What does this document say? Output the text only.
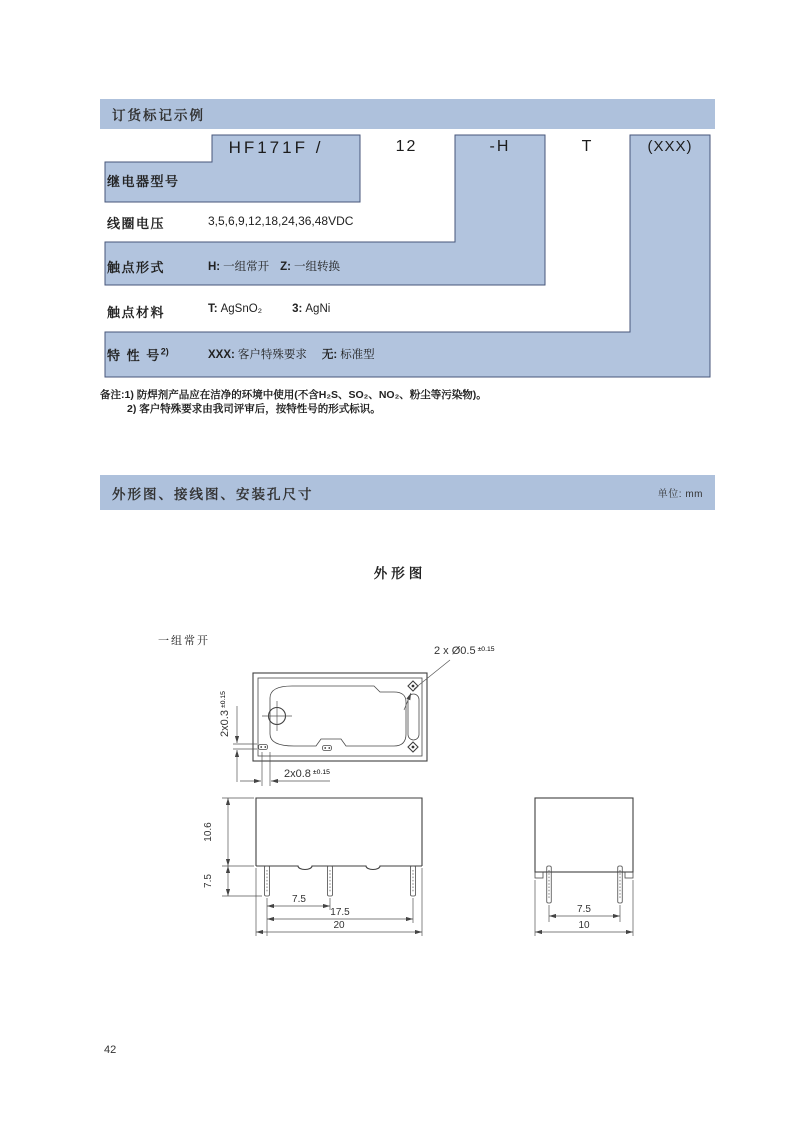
订货标记示例
HF171F /	12	-H	T	(XXX)
继电器型号
线圈电压	3,5,6,9,12,18,24,36,48VDC
触点形式	H: 一组常开 Z: 一组转换
触点材料	T: AgSnO₂	3: AgNi
特 性 号$^{2)}$	XXX: 客户特殊要求 无: 标准型
备注:1) 防焊剂产品应在洁净的环境中使用(不含H₂S、SO₂、NO₂、粉尘等污染物)。
2) 客户特殊要求由我司评审后，按特性号的形式标识。
外形图、接线图、安装孔尺寸	单位: mm
外形图
一组常开
2 x Ø0.5 ±0.15
2x0.3±0.15
2x0.8 ±0.15
10.6
7.5
7.5
17.5
20
7.5
10
42
